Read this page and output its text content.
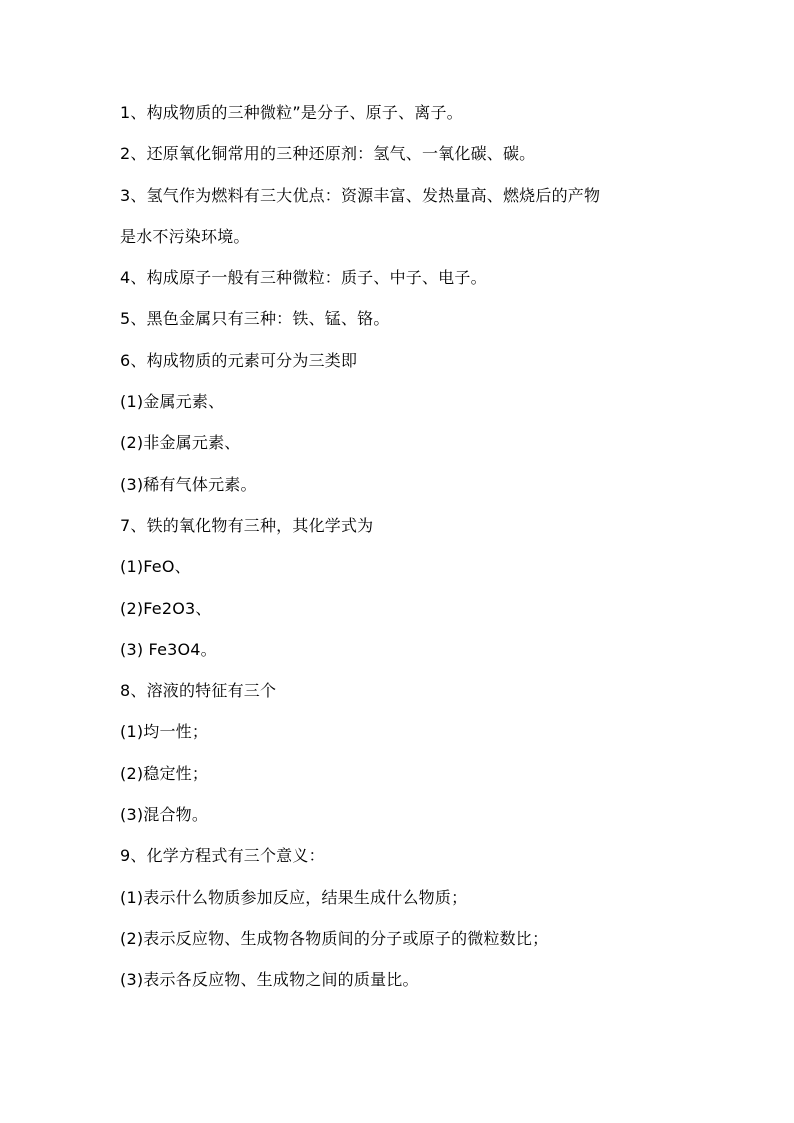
1、构成物质的三种微粒”是分子、原子、离子。
2、还原氧化铜常用的三种还原剂：氢气、一氧化碳、碳。
3、氢气作为燃料有三大优点：资源丰富、发热量高、燃烧后的产物
是水不污染环境。
4、构成原子一般有三种微粒：质子、中子、电子。
5、黑色金属只有三种：铁、锰、铬。
6、构成物质的元素可分为三类即
(1)金属元素、
(2)非金属元素、
(3)稀有气体元素。
7、铁的氧化物有三种，其化学式为
(1)FeO、
(2)Fe2O3、
(3) Fe3O4。
8、溶液的特征有三个
(1)均一性；
(2)稳定性；
(3)混合物。
9、化学方程式有三个意义：
(1)表示什么物质参加反应，结果生成什么物质；
(2)表示反应物、生成物各物质间的分子或原子的微粒数比；
(3)表示各反应物、生成物之间的质量比。
